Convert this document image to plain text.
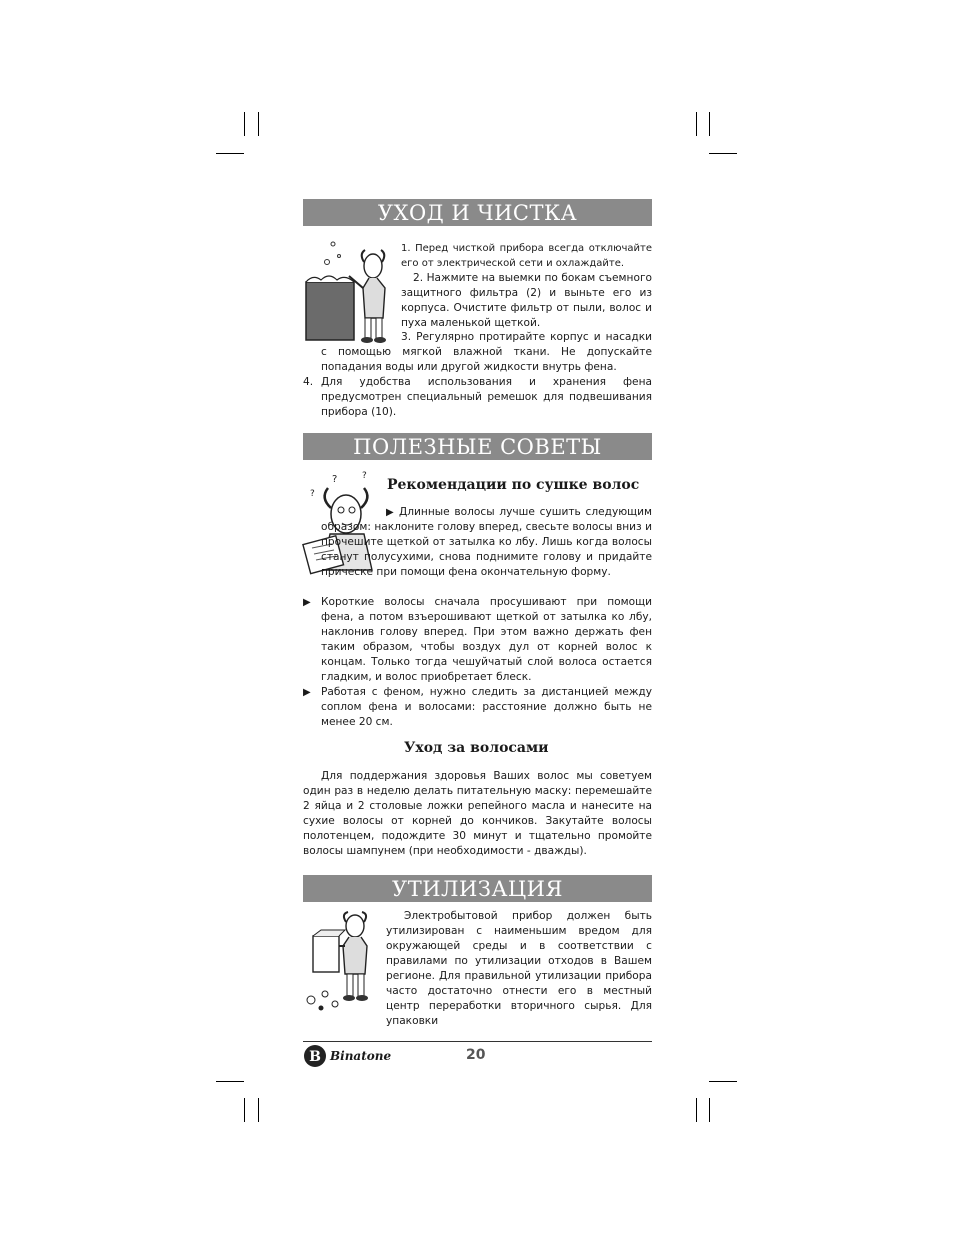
УХОД И ЧИСТКА
1. Перед чисткой прибора всегда отключайте его от электрической сети и охлаждайте.
2. Нажмите на выемки по бокам съемного защитного фильтра (2) и выньте его из корпуса. Очистите фильтр от пыли, волос и пуха маленькой щеткой.
3. Регулярно протирайте корпус и насадки с помощью мягкой влажной ткани. Не допускайте попадания воды или другой жидкости внутрь фена.
4. Для удобства использования и хранения фена предусмотрен специальный ремешок для подвешивания прибора (10).
ПОЛЕЗНЫЕ СОВЕТЫ
?	?
?
Рекомендации по сушке волос
▶ Длинные волосы лучше сушить следующим образом: наклоните голову вперед, свесьте волосы вниз и прочешите щеткой от затылка ко лбу. Лишь когда волосы станут полусухими, снова поднимите голову и придайте прическе при помощи фена окончательную форму.
▶ Короткие волосы сначала просушивают при помощи фена, а потом взъерошивают щеткой от затылка ко лбу, наклонив голову вперед. При этом важно держать фен таким образом, чтобы воздух дул от корней волос к концам. Только тогда чешуйчатый слой волоса остается гладким, и волос приобретает блеск.
▶ Работая с феном, нужно следить за дистанцией между соплом фена и волосами: расстояние должно быть не менее 20 см.
Уход за волосами
Для поддержания здоровья Ваших волос мы советуем один раз в неделю делать питательную маску: перемешайте 2 яйца и 2 столовые ложки репейного масла и нанесите на сухие волосы от корней до кончиков. Закутайте волосы полотенцем, подождите 30 минут и тщательно промойте волосы шампунем (при необходимости - дважды).
УТИЛИЗАЦИЯ
Электробытовой прибор должен быть утилизирован с наименьшим вредом для окружающей среды и в соответствии с правилами по утилизации отходов в Вашем регионе. Для правильной утилизации прибора часто достаточно отнести его в местный центр переработки вторичного сырья. Для упаковки
B Binatone	20
